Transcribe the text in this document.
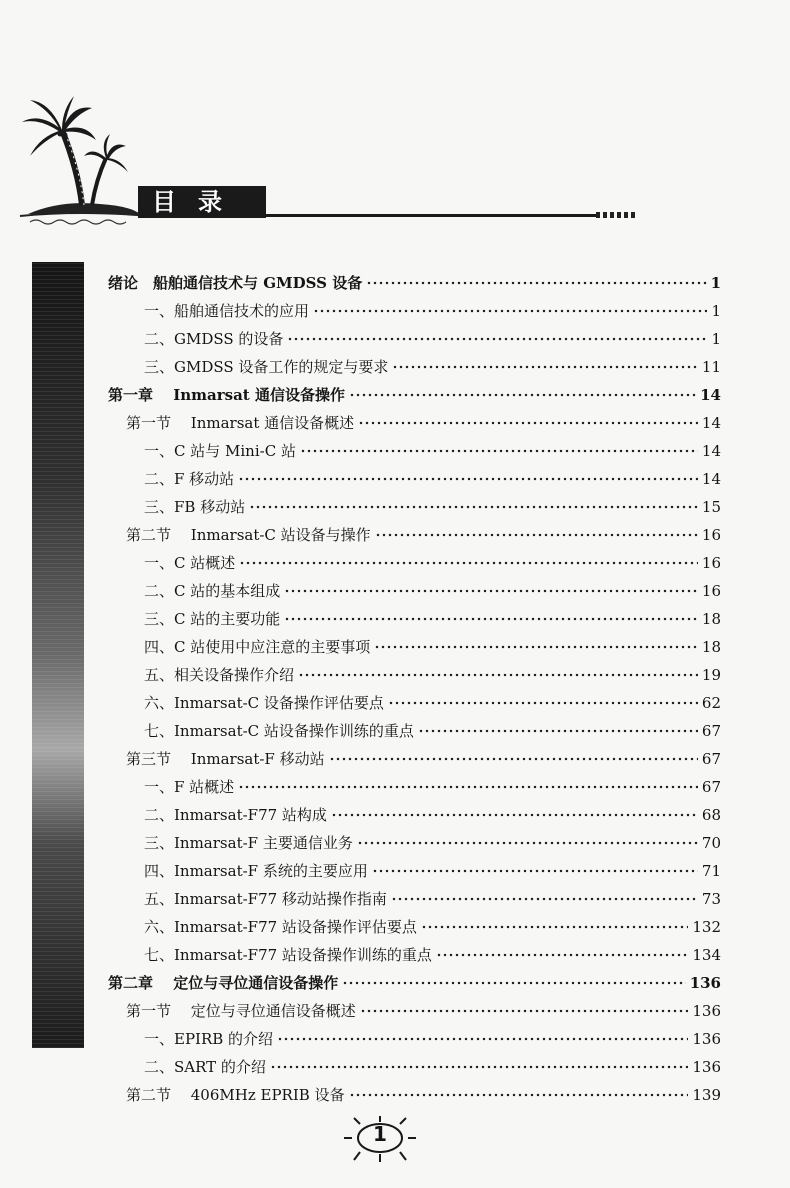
目录
绪论　船舶通信技术与 GMDSS 设备	1
一、船舶通信技术的应用	1
二、GMDSS 的设备	1
三、GMDSS 设备工作的规定与要求	11
第一章　 Inmarsat 通信设备操作	14
第一节　 Inmarsat 通信设备概述	14
一、C 站与 Mini-C 站	14
二、F 移动站	14
三、FB 移动站	15
第二节　 Inmarsat-C 站设备与操作	16
一、C 站概述	16
二、C 站的基本组成	16
三、C 站的主要功能	18
四、C 站使用中应注意的主要事项	18
五、相关设备操作介绍	19
六、Inmarsat-C 设备操作评估要点	62
七、Inmarsat-C 站设备操作训练的重点	67
第三节　 Inmarsat-F 移动站	67
一、F 站概述	67
二、Inmarsat-F77 站构成	68
三、Inmarsat-F 主要通信业务	70
四、Inmarsat-F 系统的主要应用	71
五、Inmarsat-F77 移动站操作指南	73
六、Inmarsat-F77 站设备操作评估要点	132
七、Inmarsat-F77 站设备操作训练的重点	134
第二章　 定位与寻位通信设备操作	136
第一节　 定位与寻位通信设备概述	136
一、EPIRB 的介绍	136
二、SART 的介绍	136
第二节　 406MHz EPRIB 设备	139
1
